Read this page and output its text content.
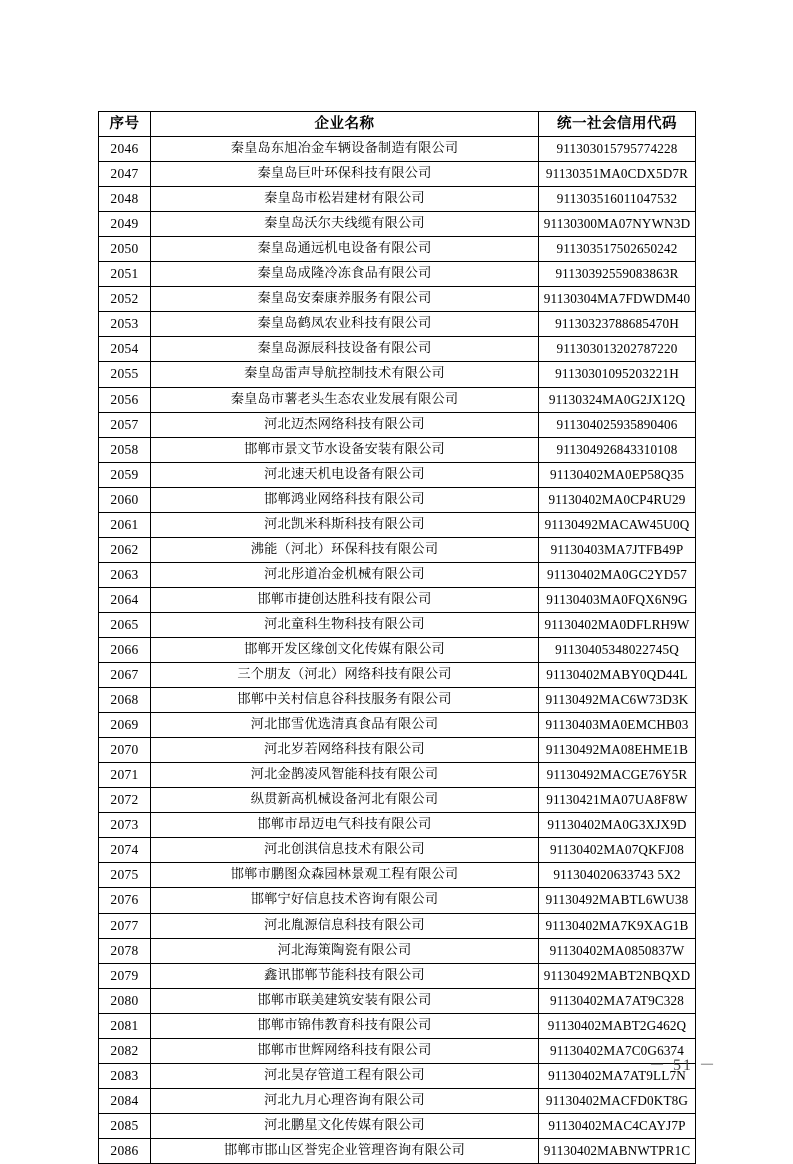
序号	企业名称	统一社会信用代码
2046	秦皇岛东旭冶金车辆设备制造有限公司	911303015795774228
2047	秦皇岛巨叶环保科技有限公司	91130351MA0CDX5D7R
2048	秦皇岛市松岩建材有限公司	911303516011047532
2049	秦皇岛沃尔夫线缆有限公司	91130300MA07NYWN3D
2050	秦皇岛通远机电设备有限公司	911303517502650242
2051	秦皇岛成隆冷冻食品有限公司	91130392559083863R
2052	秦皇岛安秦康养服务有限公司	91130304MA7FDWDM40
2053	秦皇岛鹤凤农业科技有限公司	91130323788685470H
2054	秦皇岛源辰科技设备有限公司	911303013202787220
2055	秦皇岛雷声导航控制技术有限公司	91130301095203221H
2056	秦皇岛市薯老头生态农业发展有限公司	91130324MA0G2JX12Q
2057	河北迈杰网络科技有限公司	911304025935890406
2058	邯郸市景文节水设备安装有限公司	911304926843310108
2059	河北速天机电设备有限公司	91130402MA0EP58Q35
2060	邯郸鸿业网络科技有限公司	91130402MA0CP4RU29
2061	河北凯米科斯科技有限公司	91130492MACAW45U0Q
2062	沸能（河北）环保科技有限公司	91130403MA7JTFB49P
2063	河北彤道冶金机械有限公司	91130402MA0GC2YD57
2064	邯郸市捷创达胜科技有限公司	91130403MA0FQX6N9G
2065	河北童科生物科技有限公司	91130402MA0DFLRH9W
2066	邯郸开发区缘创文化传媒有限公司	91130405348022745Q
2067	三个朋友（河北）网络科技有限公司	91130402MABY0QD44L
2068	邯郸中关村信息谷科技服务有限公司	91130492MAC6W73D3K
2069	河北邯雪优选清真食品有限公司	91130403MA0EMCHB03
2070	河北岁若网络科技有限公司	91130492MA08EHME1B
2071	河北金鹊凌风智能科技有限公司	91130492MACGE76Y5R
2072	纵贯新高机械设备河北有限公司	91130421MA07UA8F8W
2073	邯郸市昂迈电气科技有限公司	91130402MA0G3XJX9D
2074	河北创淇信息技术有限公司	91130402MA07QKFJ08
2075	邯郸市鹏图众森园林景观工程有限公司	911304020633743 5X2
2076	邯郸宁好信息技术咨询有限公司	91130492MABTL6WU38
2077	河北胤源信息科技有限公司	91130402MA7K9XAG1B
2078	河北海策陶瓷有限公司	91130402MA0850837W
2079	鑫讯邯郸节能科技有限公司	91130492MABT2NBQXD
2080	邯郸市联美建筑安装有限公司	91130402MA7AT9C328
2081	邯郸市锦伟教育科技有限公司	91130402MABT2G462Q
2082	邯郸市世辉网络科技有限公司	91130402MA7C0G6374
2083	河北昊存管道工程有限公司	91130402MA7AT9LL7N
2084	河北九月心理咨询有限公司	91130402MACFD0KT8G
2085	河北鹏星文化传媒有限公司	91130402MAC4CAYJ7P
2086	邯郸市邯山区誉宪企业管理咨询有限公司	91130402MABNWTPR1C
－ 51 －
